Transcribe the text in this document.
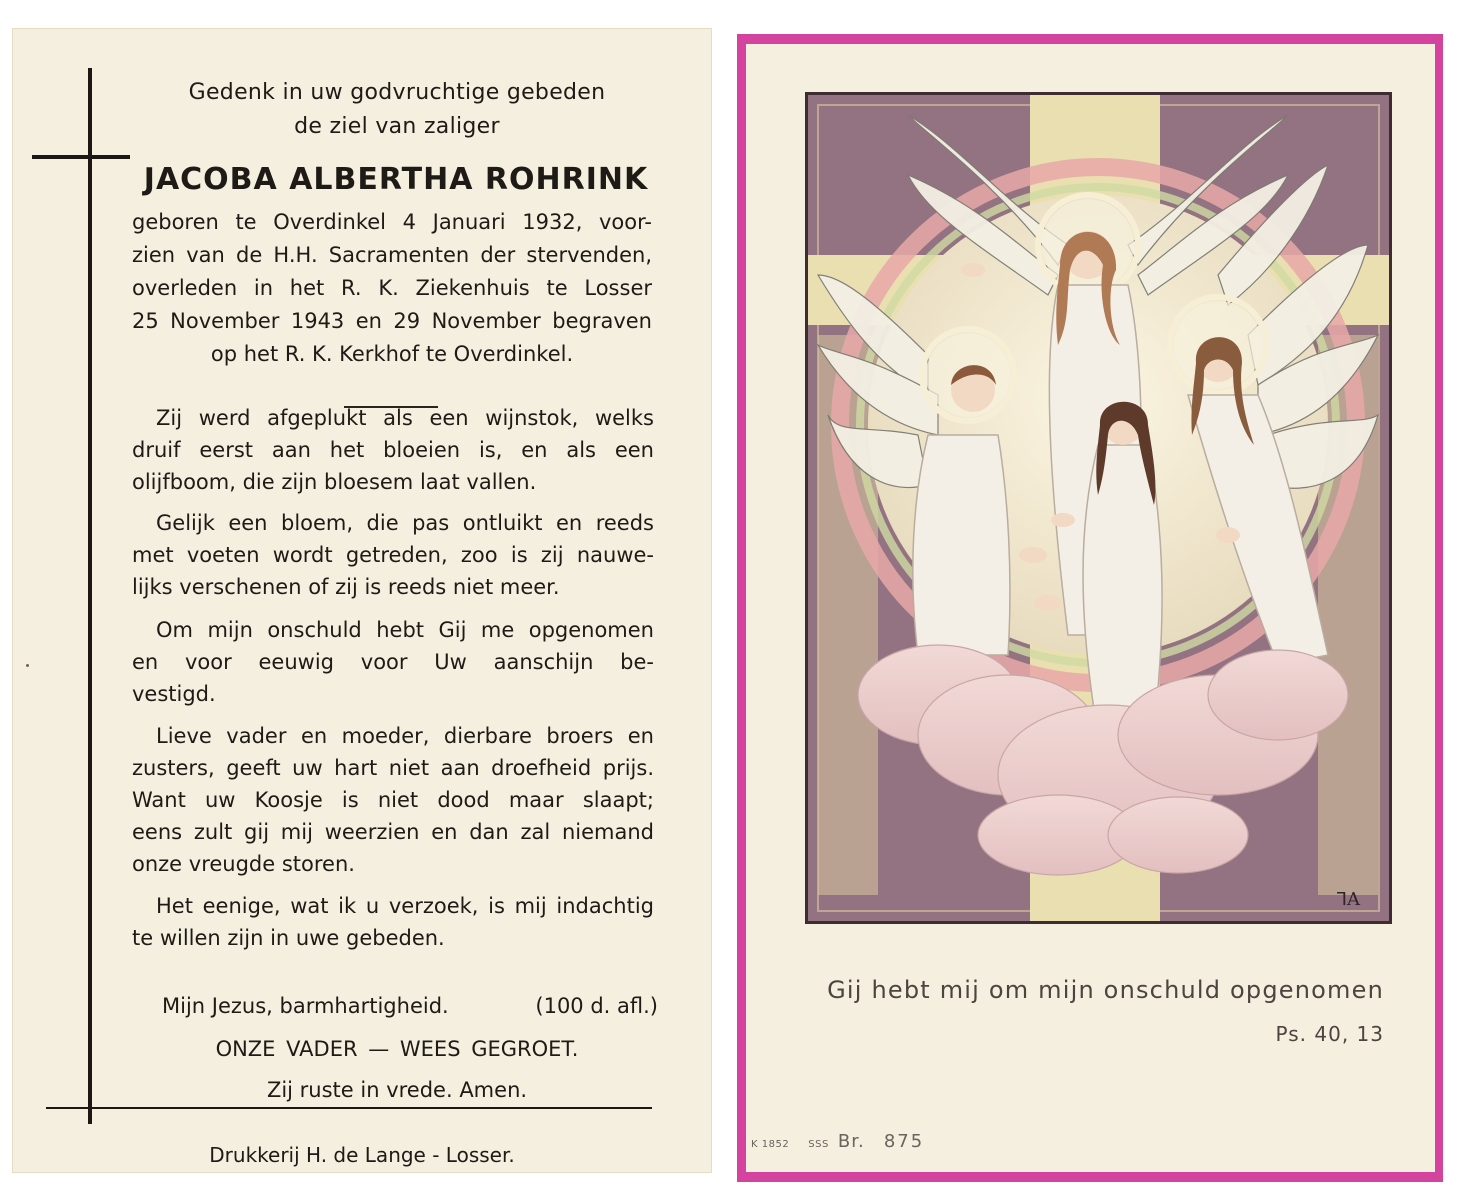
Gedenk in uw godvruchtige gebeden
de ziel van zaliger
JACOBA ALBERTHA ROHRINK
geboren te Overdinkel 4 Januari 1932, voor-
zien van de H.H. Sacramenten der stervenden,
overleden in het R. K. Ziekenhuis te Losser
25 November 1943 en 29 November begraven
op het R. K. Kerkhof te Overdinkel.
Zij werd afgeplukt als een wijnstok, welks
druif eerst aan het bloeien is, en als een
olijfboom, die zijn bloesem laat vallen.
Gelijk een bloem, die pas ontluikt en reeds
met voeten wordt getreden, zoo is zij nauwe-
lijks verschenen of zij is reeds niet meer.
Om mijn onschuld hebt Gij me opgenomen
en voor eeuwig voor Uw aanschijn be-
vestigd.
Lieve vader en moeder, dierbare broers en
zusters, geeft uw hart niet aan droefheid prijs.
Want uw Koosje is niet dood maar slaapt;
eens zult gij mij weerzien en dan zal niemand
onze vreugde storen.
Het eenige, wat ik u verzoek, is mij indachtig
te willen zijn in uwe gebeden.
Mijn Jezus, barmhartigheid.	(100 d. afl.)
ONZE VADER — WEES GEGROET.
Zij ruste in vrede. Amen.
Drukkerij H. de Lange - Losser.
ᒣA
Gij hebt mij om mijn onschuld opgenomen
Ps. 40, 13
K 1852 SSS Br. 875
